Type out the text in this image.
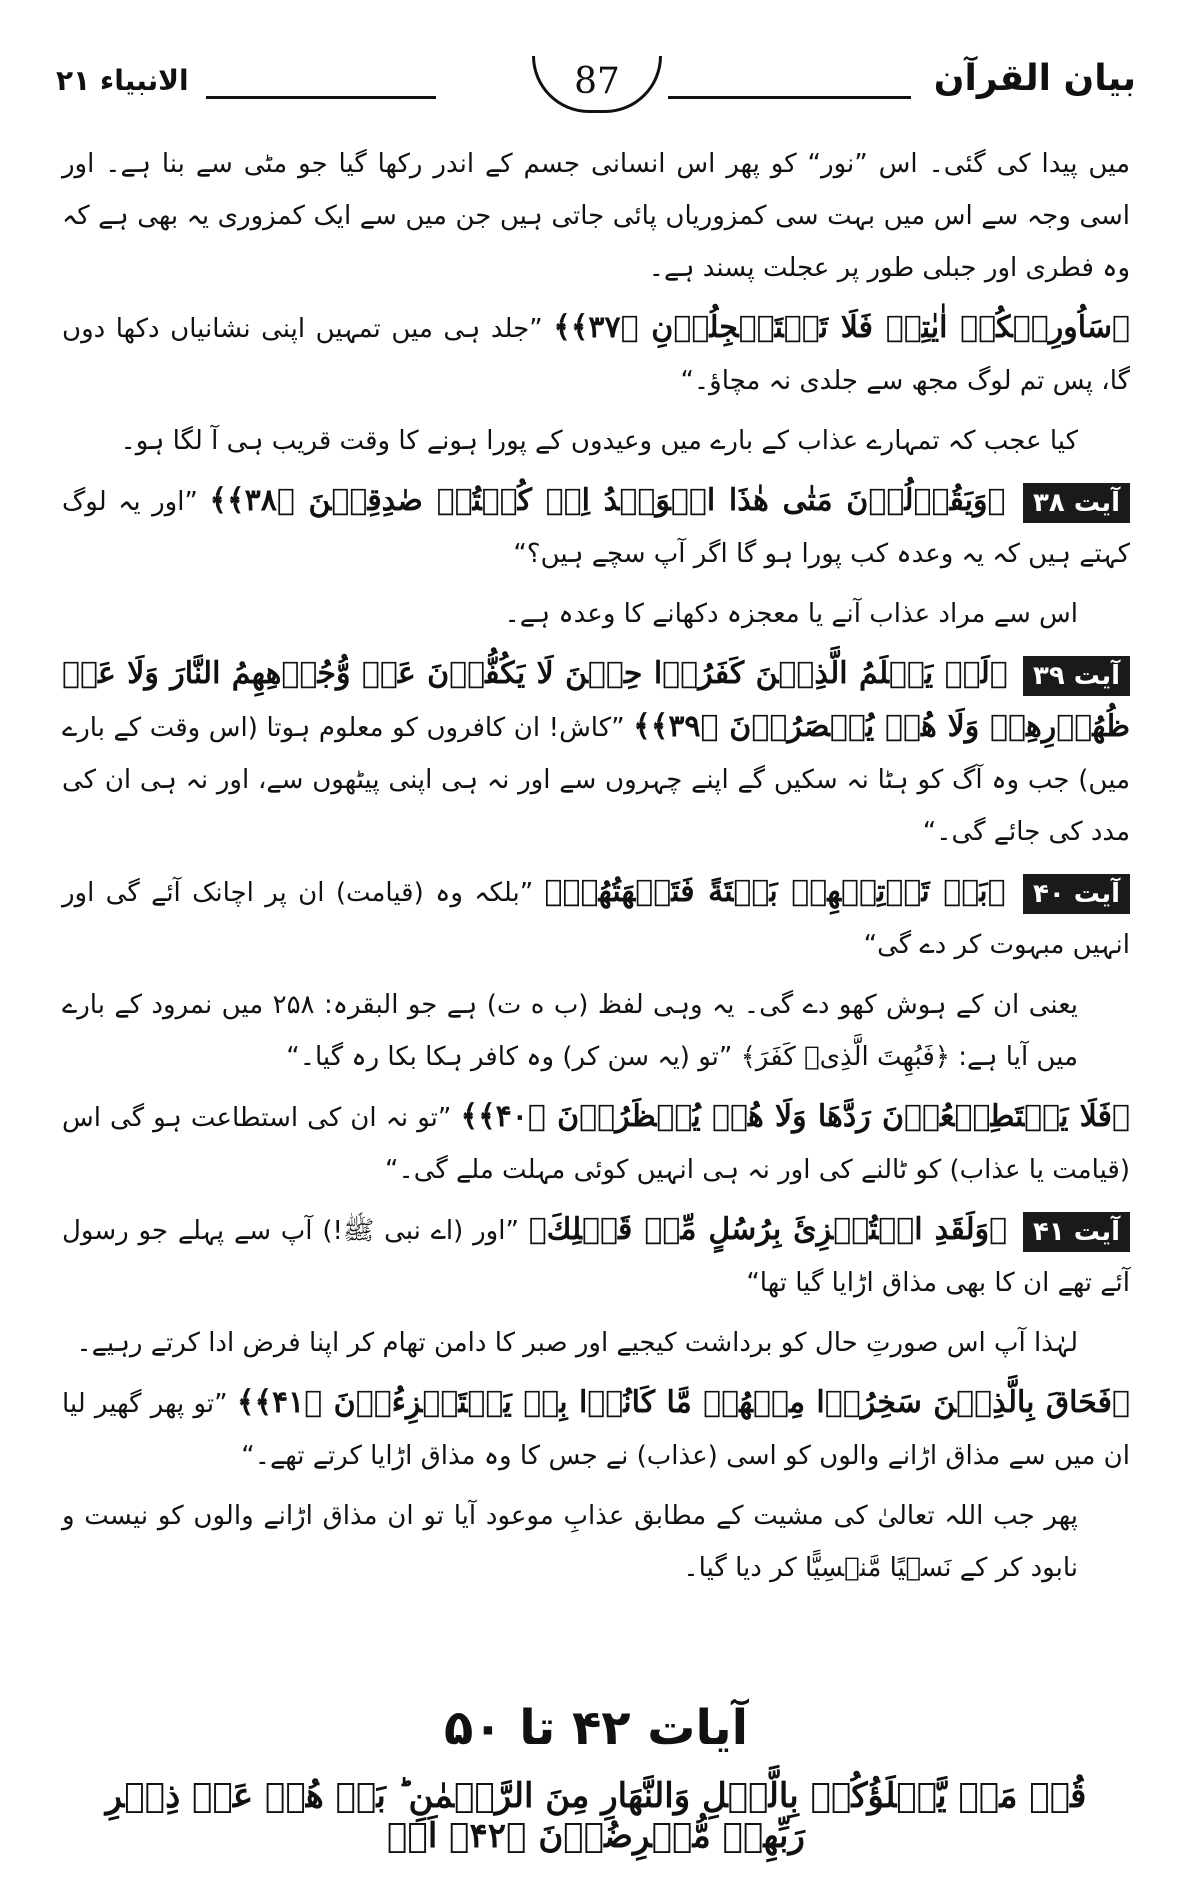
بیان القرآن
الانبیاء ۲۱	87

میں پیدا کی گئی۔ اس ”نور“ کو پھر اس انسانی جسم کے اندر رکھا گیا جو مٹی سے بنا ہے۔ اور اسی وجہ سے اس میں بہت سی کمزوریاں پائی جاتی ہیں جن میں سے ایک کمزوری یہ بھی ہے کہ وہ فطری اور جبلی طور پر عجلت پسند ہے۔

﴿سَاُورِیۡکُمۡ اٰیٰتِیۡ فَلَا تَسۡتَعۡجِلُوۡنِ ﴿۳۷﴾﴾ ”جلد ہی میں تمہیں اپنی نشانیاں دکھا دوں گا، پس تم لوگ مجھ سے جلدی نہ مچاؤ۔“

کیا عجب کہ تمہارے عذاب کے بارے میں وعیدوں کے پورا ہونے کا وقت قریب ہی آ لگا ہو۔

آیت ۳۸ ﴿وَیَقُوۡلُوۡنَ مَتٰی هٰذَا الۡوَعۡدُ اِنۡ کُنۡتُمۡ صٰدِقِیۡنَ ﴿۳۸﴾﴾ ”اور یہ لوگ کہتے ہیں کہ یہ وعدہ کب پورا ہو گا اگر آپ سچے ہیں؟“

اس سے مراد عذاب آنے یا معجزہ دکھانے کا وعدہ ہے۔

آیت ۳۹ ﴿لَوۡ یَعۡلَمُ الَّذِیۡنَ کَفَرُوۡا حِیۡنَ لَا یَکُفُّوۡنَ عَنۡ وُّجُوۡهِهِمُ النَّارَ وَلَا عَنۡ ظُهُوۡرِهِمۡ وَلَا هُمۡ یُنۡصَرُوۡنَ ﴿۳۹﴾﴾ ”کاش! ان کافروں کو معلوم ہوتا (اس وقت کے بارے میں) جب وہ آگ کو ہٹا نہ سکیں گے اپنے چہروں سے اور نہ ہی اپنی پیٹھوں سے، اور نہ ہی ان کی مدد کی جائے گی۔“

آیت ۴۰ ﴿بَلۡ تَاۡتِیۡهِمۡ بَغۡتَةً فَتَبۡهَتُهُمۡ﴾ ”بلکہ وہ (قیامت) ان پر اچانک آئے گی اور انہیں مبہوت کر دے گی“

یعنی ان کے ہوش کھو دے گی۔ یہ وہی لفظ (ب ه ت) ہے جو البقرہ: ۲۵۸ میں نمرود کے بارے میں آیا ہے: ﴿فَبُهِتَ الَّذِیۡ کَفَرَ﴾ ”تو (یہ سن کر) وہ کافر ہکا بکا رہ گیا۔“

﴿فَلَا یَسۡتَطِیۡعُوۡنَ رَدَّهَا وَلَا هُمۡ یُنۡظَرُوۡنَ ﴿۴۰﴾﴾ ”تو نہ ان کی استطاعت ہو گی اس (قیامت یا عذاب) کو ٹالنے کی اور نہ ہی انہیں کوئی مہلت ملے گی۔“

آیت ۴۱ ﴿وَلَقَدِ اسۡتُهۡزِئَ بِرُسُلٍ مِّنۡ قَبۡلِكَ﴾ ”اور (اے نبی ﷺ!) آپ سے پہلے جو رسول آئے تھے ان کا بھی مذاق اڑایا گیا تھا“

لہٰذا آپ اس صورتِ حال کو برداشت کیجیے اور صبر کا دامن تھام کر اپنا فرض ادا کرتے رہیے۔

﴿فَحَاقَ بِالَّذِیۡنَ سَخِرُوۡا مِنۡهُمۡ مَّا کَانُوۡا بِهٖ یَسۡتَهۡزِءُوۡنَ ﴿۴۱﴾﴾ ”تو پھر گھیر لیا ان میں سے مذاق اڑانے والوں کو اسی (عذاب) نے جس کا وہ مذاق اڑایا کرتے تھے۔“

پھر جب اللہ تعالیٰ کی مشیت کے مطابق عذابِ موعود آیا تو ان مذاق اڑانے والوں کو نیست و نابود کر کے نَسۡیًا مَّنۡسِیًّا کر دیا گیا۔

آیات ۴۲ تا ۵۰
قُلۡ مَنۡ یَّکۡلَؤُکُمۡ بِالَّیۡلِ وَالنَّهَارِ مِنَ الرَّحۡمٰنِ ؕ بَلۡ هُمۡ عَنۡ ذِکۡرِ رَبِّهِمۡ مُّعۡرِضُوۡنَ ﴿۴۲﴾ اَمۡ
